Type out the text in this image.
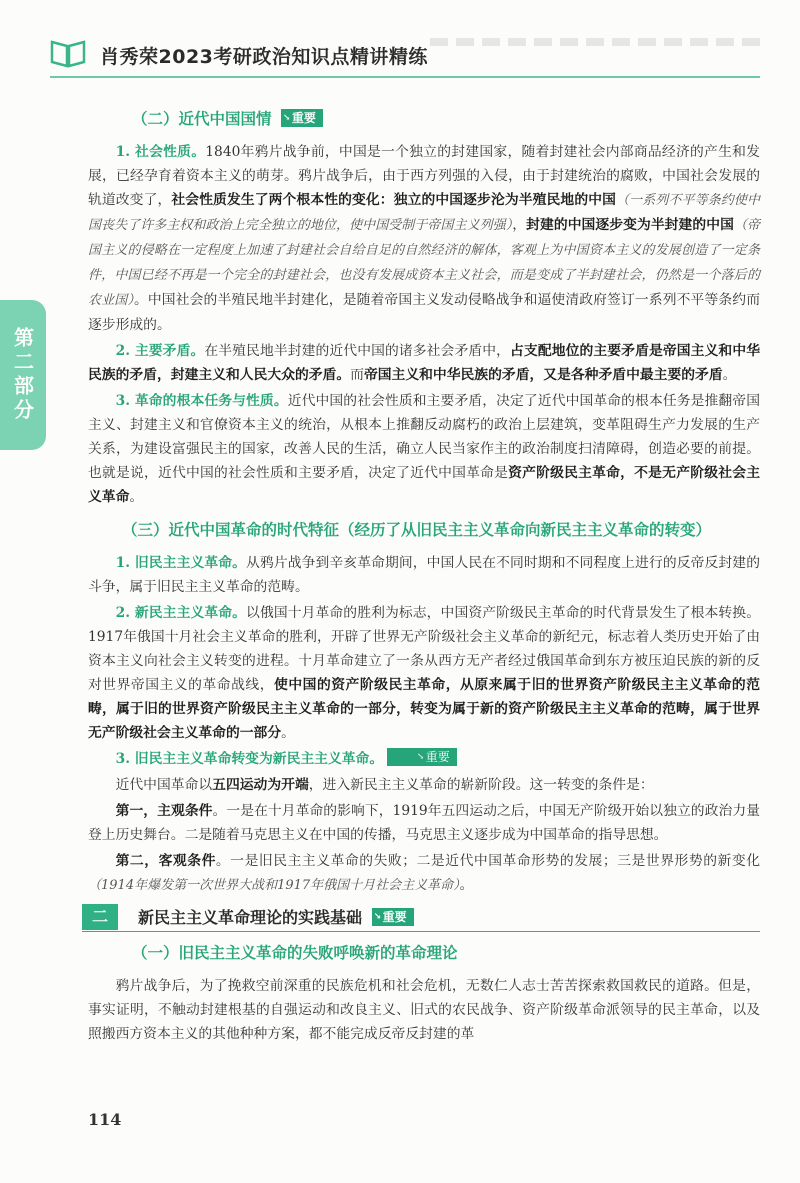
肖秀荣2023考研政治知识点精讲精练
第二部分
（二）近代中国国情 ↘ 重要

1. 社会性质。1840年鸦片战争前，中国是一个独立的封建国家，随着封建社会内部商品经济的产生和发展，已经孕育着资本主义的萌芽。鸦片战争后，由于西方列强的入侵，由于封建统治的腐败，中国社会发展的轨道改变了，社会性质发生了两个根本性的变化：独立的中国逐步沦为半殖民地的中国（一系列不平等条约使中国丧失了许多主权和政治上完全独立的地位，使中国受制于帝国主义列强），封建的中国逐步变为半封建的中国（帝国主义的侵略在一定程度上加速了封建社会自给自足的自然经济的解体，客观上为中国资本主义的发展创造了一定条件，中国已经不再是一个完全的封建社会，也没有发展成资本主义社会，而是变成了半封建社会，仍然是一个落后的农业国）。中国社会的半殖民地半封建化，是随着帝国主义发动侵略战争和逼使清政府签订一系列不平等条约而逐步形成的。

2. 主要矛盾。在半殖民地半封建的近代中国的诸多社会矛盾中，占支配地位的主要矛盾是帝国主义和中华民族的矛盾，封建主义和人民大众的矛盾。而帝国主义和中华民族的矛盾，又是各种矛盾中最主要的矛盾。

3. 革命的根本任务与性质。近代中国的社会性质和主要矛盾，决定了近代中国革命的根本任务是推翻帝国主义、封建主义和官僚资本主义的统治，从根本上推翻反动腐朽的政治上层建筑，变革阻碍生产力发展的生产关系，为建设富强民主的国家，改善人民的生活，确立人民当家作主的政治制度扫清障碍，创造必要的前提。也就是说，近代中国的社会性质和主要矛盾，决定了近代中国革命是资产阶级民主革命，不是无产阶级社会主义革命。

（三）近代中国革命的时代特征（经历了从旧民主主义革命向新民主主义革命的转变）

1. 旧民主主义革命。从鸦片战争到辛亥革命期间，中国人民在不同时期和不同程度上进行的反帝反封建的斗争，属于旧民主主义革命的范畴。

2. 新民主主义革命。以俄国十月革命的胜利为标志，中国资产阶级民主革命的时代背景发生了根本转换。1917年俄国十月社会主义革命的胜利，开辟了世界无产阶级社会主义革命的新纪元，标志着人类历史开始了由资本主义向社会主义转变的进程。十月革命建立了一条从西方无产者经过俄国革命到东方被压迫民族的新的反对世界帝国主义的革命战线，使中国的资产阶级民主革命，从原来属于旧的世界资产阶级民主主义革命的范畴，属于旧的世界资产阶级民主主义革命的一部分，转变为属于新的资产阶级民主主义革命的范畴，属于世界无产阶级社会主义革命的一部分。

3. 旧民主主义革命转变为新民主主义革命。	↘ 重要

近代中国革命以五四运动为开端，进入新民主主义革命的崭新阶段。这一转变的条件是：

第一，主观条件。一是在十月革命的影响下，1919年五四运动之后，中国无产阶级开始以独立的政治力量登上历史舞台。二是随着马克思主义在中国的传播，马克思主义逐步成为中国革命的指导思想。

第二，客观条件。一是旧民主主义革命的失败；二是近代中国革命形势的发展；三是世界形势的新变化（1914年爆发第一次世界大战和1917年俄国十月社会主义革命）。

二	新民主主义革命理论的实践基础 ↘ 重要
（一）旧民主主义革命的失败呼唤新的革命理论

鸦片战争后，为了挽救空前深重的民族危机和社会危机，无数仁人志士苦苦探索救国救民的道路。但是，事实证明，不触动封建根基的自强运动和改良主义、旧式的农民战争、资产阶级革命派领导的民主革命，以及照搬西方资本主义的其他种种方案，都不能完成反帝反封建的革

114
